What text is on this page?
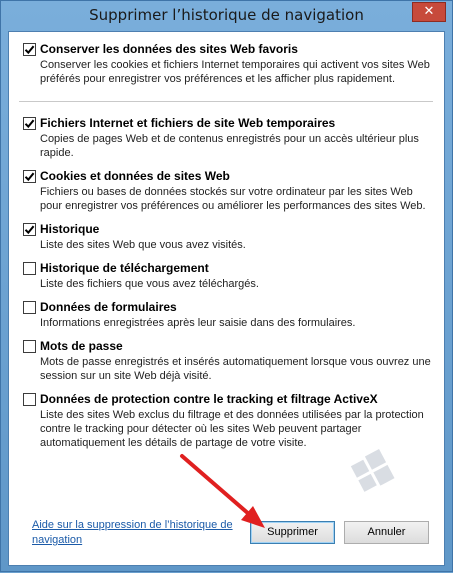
Supprimer l’historique de navigation	✕
Conserver les données des sites Web favoris
Conserver les cookies et fichiers Internet temporaires qui activent vos sites Web préférés pour enregistrer vos préférences et les afficher plus rapidement.
Fichiers Internet et fichiers de site Web temporaires
Copies de pages Web et de contenus enregistrés pour un accès ultérieur plus rapide.
Cookies et données de sites Web
Fichiers ou bases de données stockés sur votre ordinateur par les sites Web pour enregistrer vos préférences ou améliorer les performances des sites Web.
Historique
Liste des sites Web que vous avez visités.
Historique de téléchargement
Liste des fichiers que vous avez téléchargés.
Données de formulaires
Informations enregistrées après leur saisie dans des formulaires.
Mots de passe
Mots de passe enregistrés et insérés automatiquement lorsque vous ouvrez une session sur un site Web déjà visité.
Données de protection contre le tracking et filtrage ActiveX
Liste des sites Web exclus du filtrage et des données utilisées par la protection contre le tracking pour détecter où les sites Web peuvent partager automatiquement les détails de partage de votre visite.
Aide sur la suppression de l’historique de navigation
Supprimer	Annuler
